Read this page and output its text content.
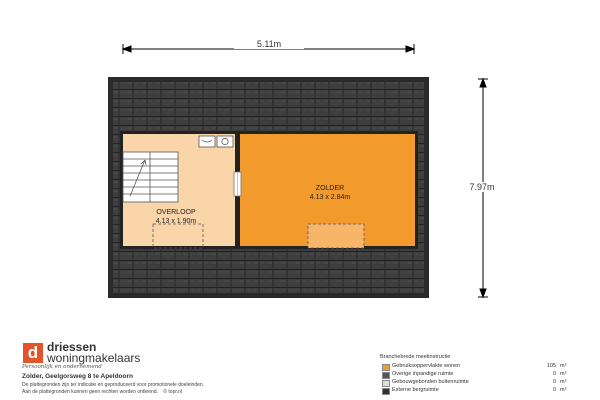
d
5.11m
7.97m
ZOLDER
4.13 x 2.84m
OVERLOOP
4.13 x 1.90m
driessen
woningmakelaars
Persoonlijk en ondernemend
Zolder, Geelgorsweg 8 te Apeldoorn
De plattegronden zijn ter indicatie en geproduceerd voor promotionele doeleinden.
Aan de plattegronden kunnen geen rechten worden ontleend. © topr.nl
Branchebrede meetinstructie
Gebruiksoppervlakte wonen	105 m²
Overige inpandige ruimte	0 m²
Gebouwgebonden buitenruimte	0 m²
Externe bergruimte	0 m²
